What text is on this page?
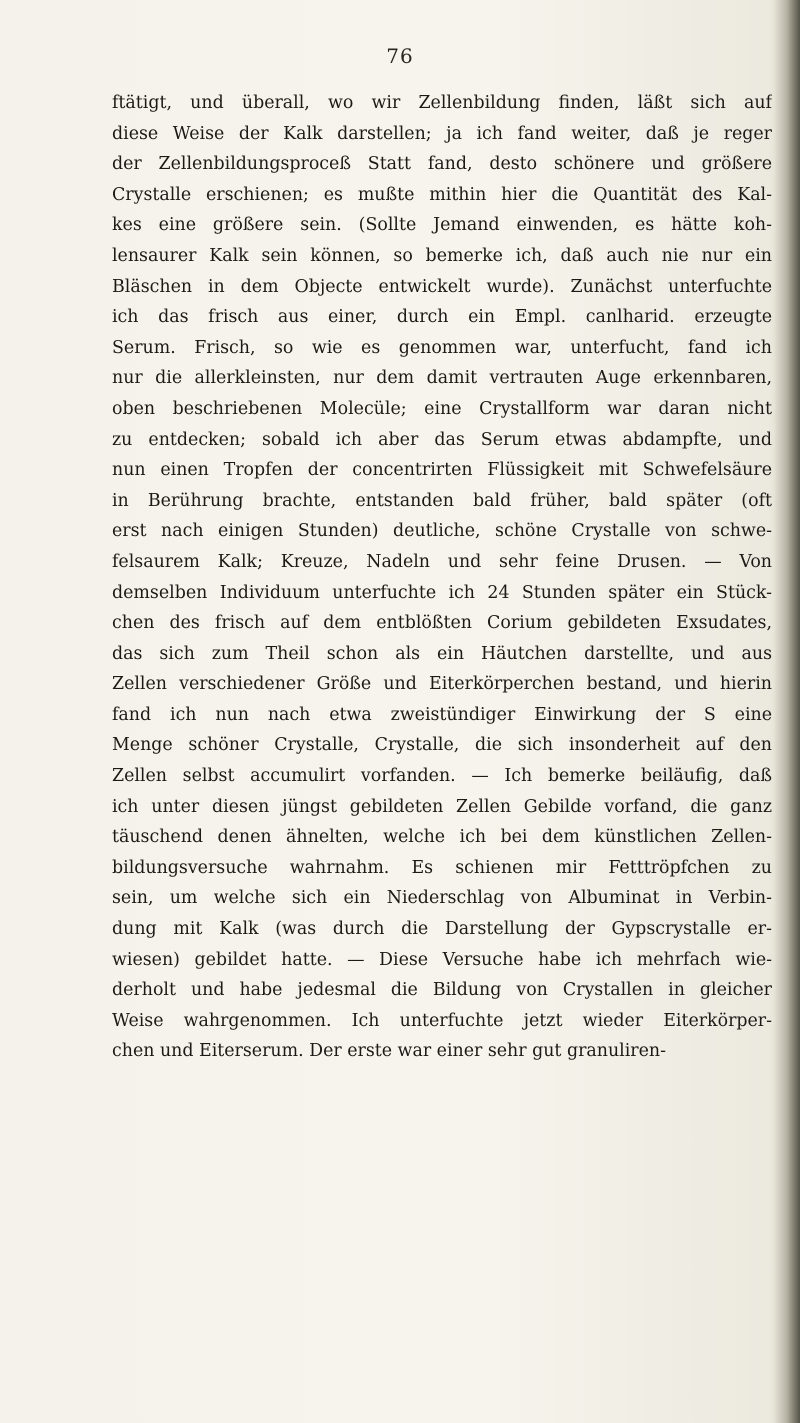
76
ftätigt, und überall, wo wir Zellenbildung finden, läßt sich auf
diese Weise der Kalk darstellen; ja ich fand weiter, daß je reger
der Zellenbildungsproceß Statt fand, desto schönere und größere
Crystalle erschienen; es mußte mithin hier die Quantität des Kal-
kes eine größere sein. (Sollte Jemand einwenden, es hätte koh-
lensaurer Kalk sein können, so bemerke ich, daß auch nie nur ein
Bläschen in dem Objecte entwickelt wurde). Zunächst unterfuchte
ich das frisch aus einer, durch ein Empl. canlharid. erzeugte
Serum. Frisch, so wie es genommen war, unterfucht, fand ich
nur die allerkleinsten, nur dem damit vertrauten Auge erkennbaren,
oben beschriebenen Molecüle; eine Crystallform war daran nicht
zu entdecken; sobald ich aber das Serum etwas abdampfte, und
nun einen Tropfen der concentrirten Flüssigkeit mit Schwefelsäure
in Berührung brachte, entstanden bald früher, bald später (oft
erst nach einigen Stunden) deutliche, schöne Crystalle von schwe-
felsaurem Kalk; Kreuze, Nadeln und sehr feine Drusen. — Von
demselben Individuum unterfuchte ich 24 Stunden später ein Stück-
chen des frisch auf dem entblößten Corium gebildeten Exsudates,
das sich zum Theil schon als ein Häutchen darstellte, und aus
Zellen verschiedener Größe und Eiterkörperchen bestand, und hierin
fand ich nun nach etwa zweistündiger Einwirkung der S eine
Menge schöner Crystalle, Crystalle, die sich insonderheit auf den
Zellen selbst accumulirt vorfanden. — Ich bemerke beiläufig, daß
ich unter diesen jüngst gebildeten Zellen Gebilde vorfand, die ganz
täuschend denen ähnelten, welche ich bei dem künstlichen Zellen-
bildungsversuche wahrnahm. Es schienen mir Fetttröpfchen zu
sein, um welche sich ein Niederschlag von Albuminat in Verbin-
dung mit Kalk (was durch die Darstellung der Gypscrystalle er-
wiesen) gebildet hatte. — Diese Versuche habe ich mehrfach wie-
derholt und habe jedesmal die Bildung von Crystallen in gleicher
Weise wahrgenommen. Ich unterfuchte jetzt wieder Eiterkörper-
chen und Eiterserum. Der erste war einer sehr gut granuliren-
